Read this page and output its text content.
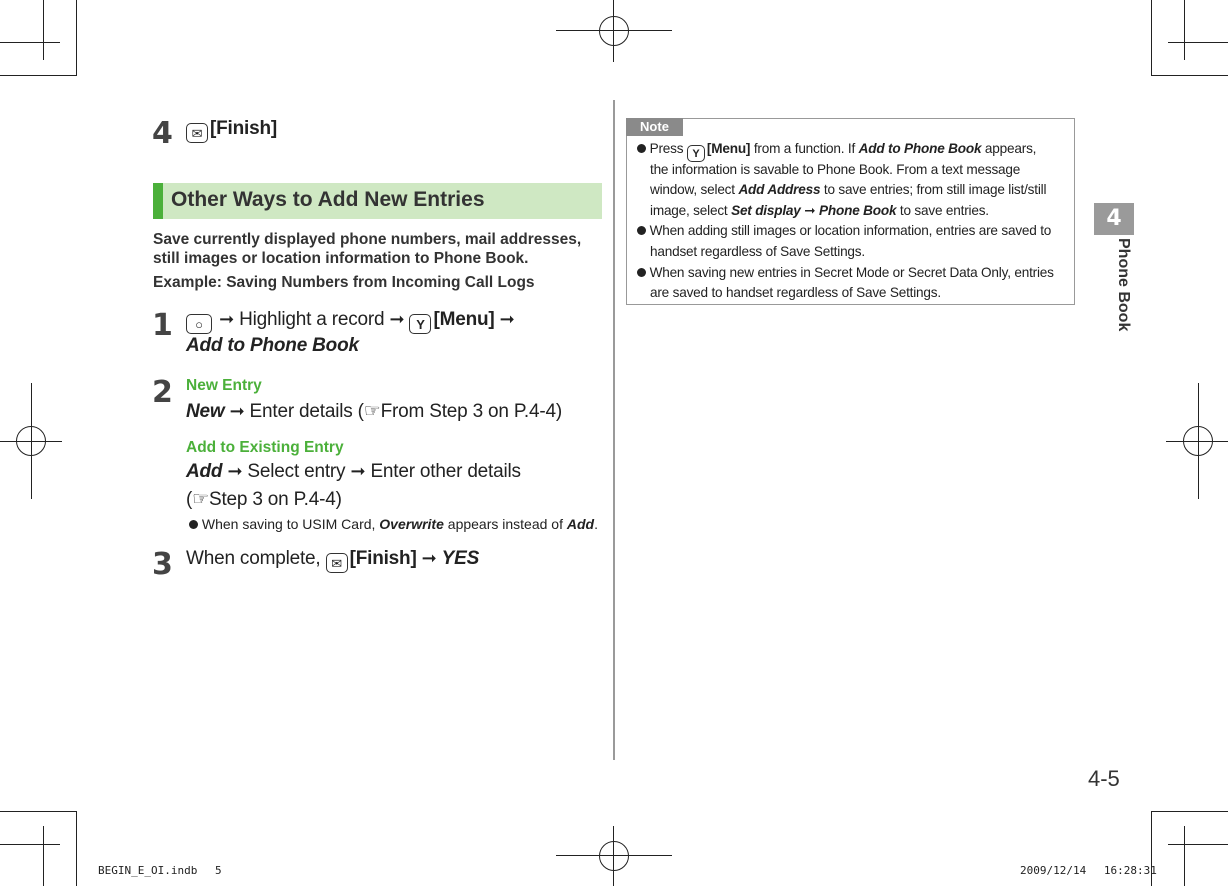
4	✉ [Finish]
Other Ways to Add New Entries
Save currently displayed phone numbers, mail addresses,
still images or location information to Phone Book.
Example: Saving Numbers from Incoming Call Logs
1	○ ➞ Highlight a record ➞ Y [Menu] ➞
Add to Phone Book
2 New Entry
New ➞ Enter details (☞From Step 3 on P.4-4)
Add to Existing Entry
Add ➞ Select entry ➞ Enter other details
(☞Step 3 on P.4-4)
When saving to USIM Card, Overwrite appears instead of Add.
3 When complete, ✉ [Finish] ➞ YES
Note
Press Y [Menu] from a function. If Add to Phone Book appears,
the information is savable to Phone Book. From a text message
window, select Add Address to save entries; from still image list/still
image, select Set display ➞ Phone Book to save entries.
When adding still images or location information, entries are saved to
handset regardless of Save Settings.
When saving new entries in Secret Mode or Secret Data Only, entries
are saved to handset regardless of Save Settings.
4
Phone Book
4-5
BEGIN_E_OI.indb　 5	2009/12/14　 16:28:31
